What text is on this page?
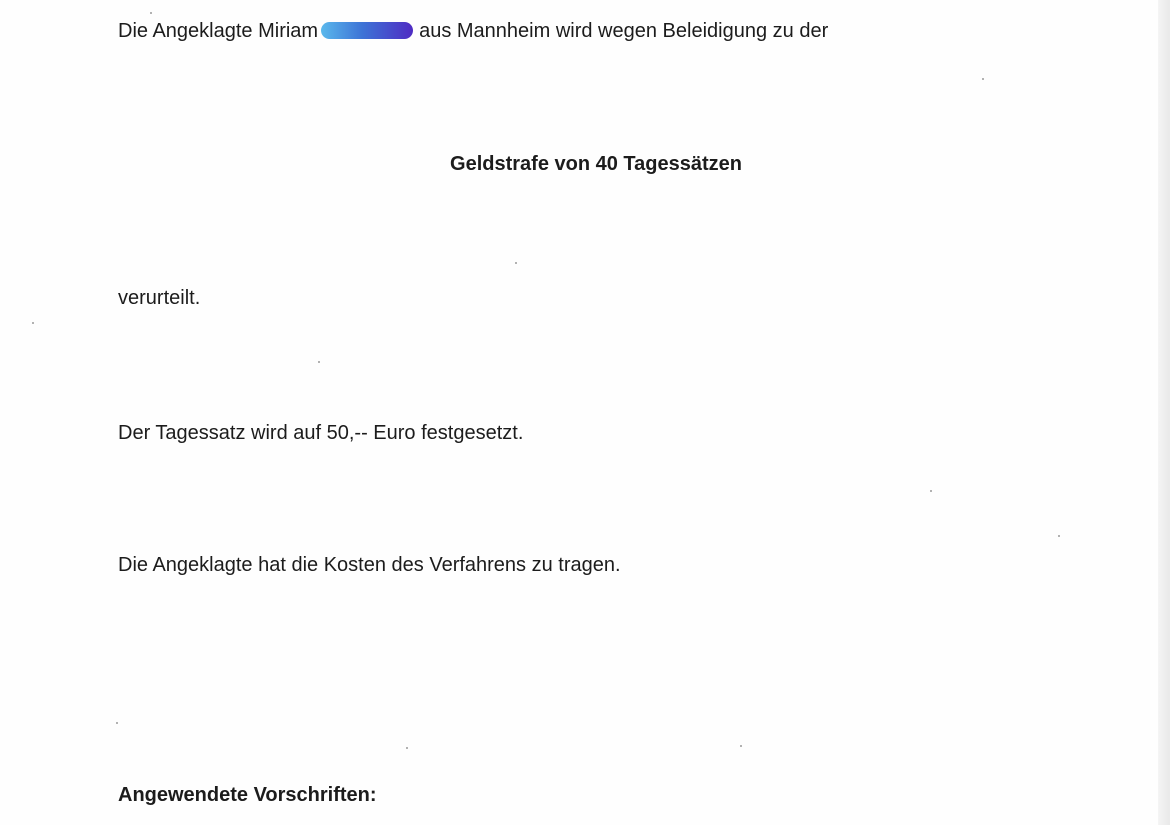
Die Angeklagte Miriam	aus Mannheim wird wegen Beleidigung zu der
Geldstrafe von 40 Tagessätzen
verurteilt.
Der Tagessatz wird auf 50,-- Euro festgesetzt.
Die Angeklagte hat die Kosten des Verfahrens zu tragen.
Angewendete Vorschriften:
